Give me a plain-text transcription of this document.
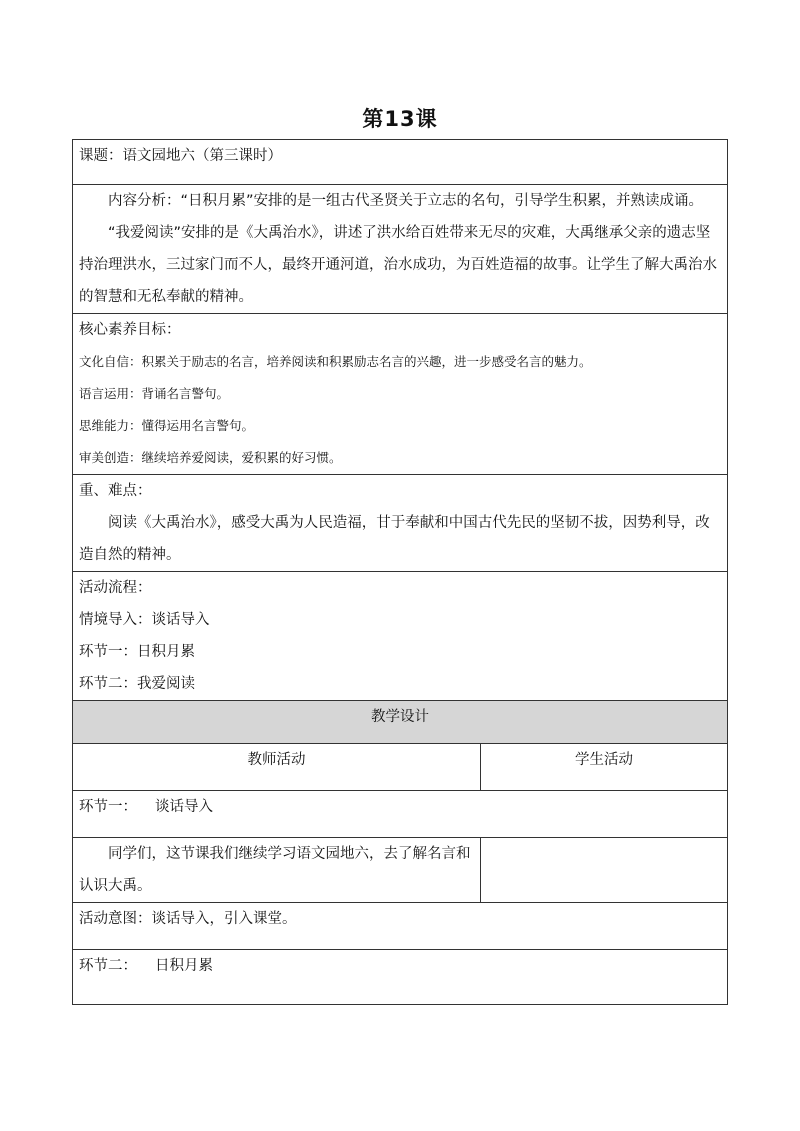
第13课
课题：语文园地六（第三课时）	

内容分析：“日积月累”安排的是一组古代圣贤关于立志的名句，引导学生积累，并熟读成诵。

“我爱阅读”安排的是《大禹治水》，讲述了洪水给百姓带来无尽的灾难，大禹继承父亲的遗志坚持治理洪水，三过家门而不人，最终开通河道，治水成功，为百姓造福的故事。让学生了解大禹治水的智慧和无私奉献的精神。	

核心素养目标：

文化自信：积累关于励志的名言，培养阅读和积累励志名言的兴趣，进一步感受名言的魅力。

语言运用：背诵名言警句。

思维能力：懂得运用名言警句。

审美创造：继续培养爱阅读，爱积累的好习惯。	

重、难点：

阅读《大禹治水》，感受大禹为人民造福，甘于奉献和中国古代先民的坚韧不拔，因势利导，改造自然的精神。	

活动流程：

情境导入：谈话导入

环节一：日积月累

环节二：我爱阅读	

教学设计	
教师活动	学生活动
环节一： 谈话导入	

同学们，这节课我们继续学习语文园地六，去了解名言和认识大禹。	

活动意图：谈话导入，引入课堂。	
环节二： 日积月累	
